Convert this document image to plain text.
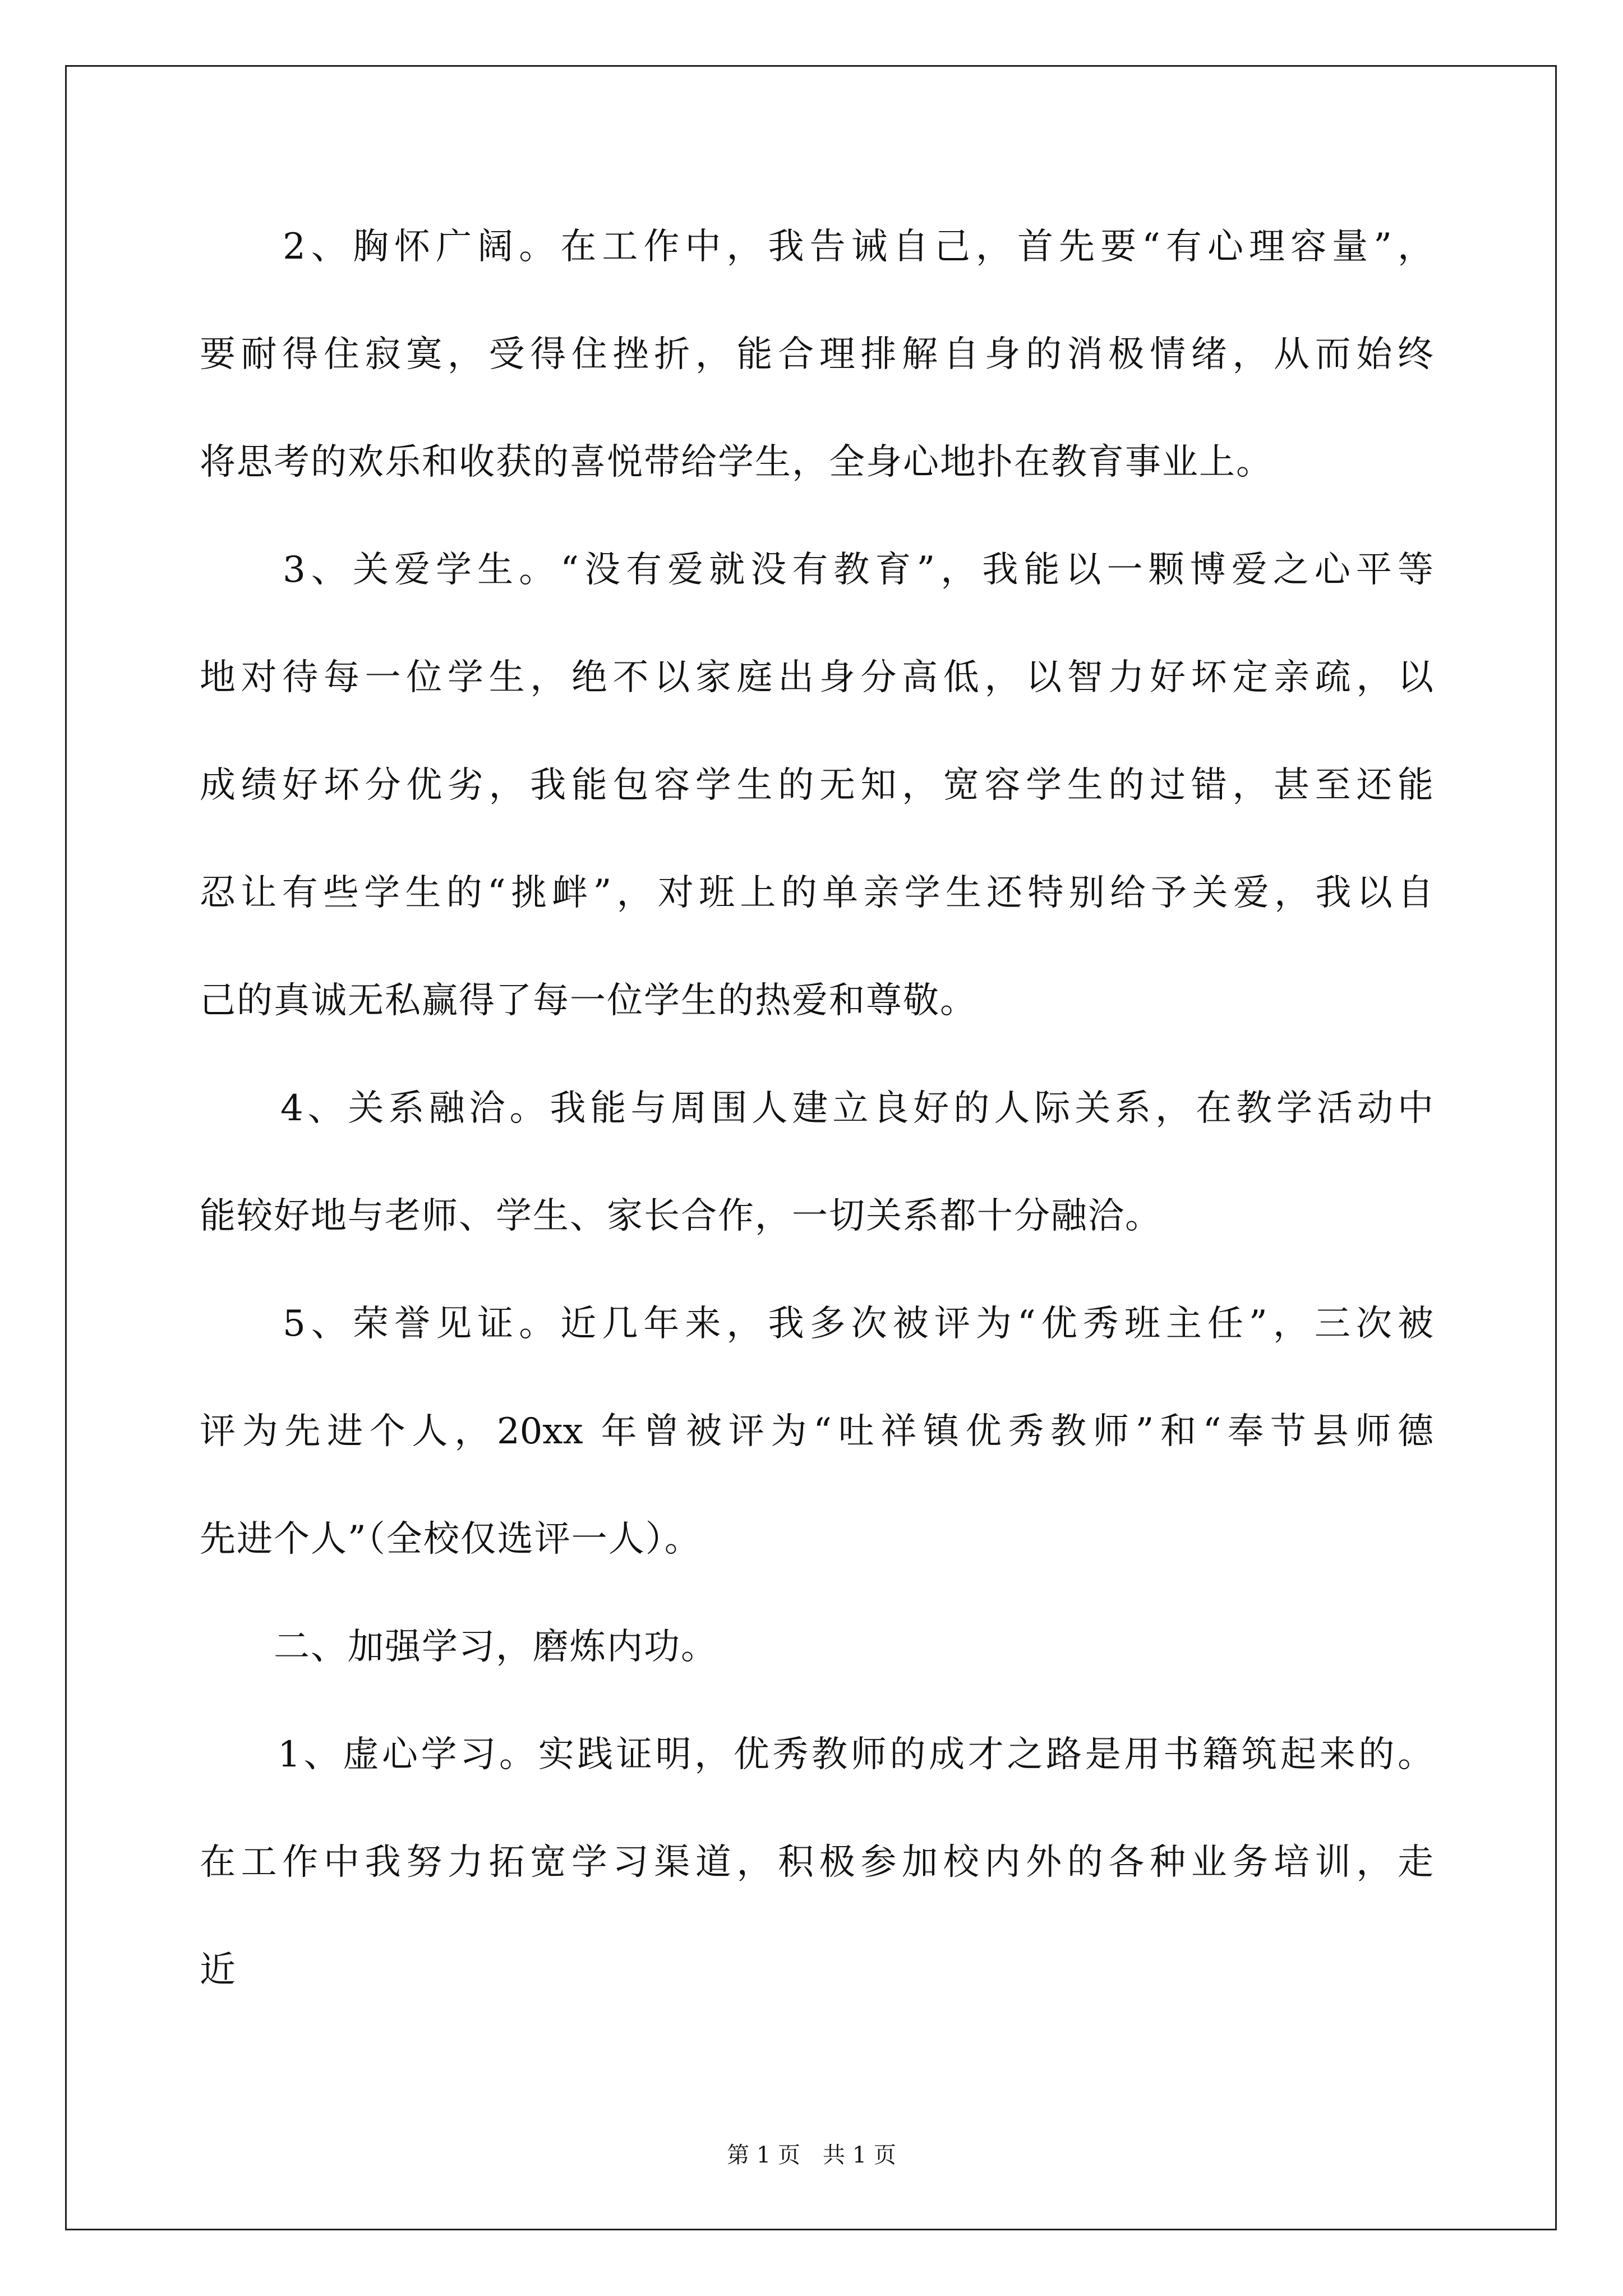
　　2、胸怀广阔。在工作中，我告诫自己，首先要“有心理容量”，
要耐得住寂寞，受得住挫折，能合理排解自身的消极情绪，从而始终
将思考的欢乐和收获的喜悦带给学生，全身心地扑在教育事业上。
　　3、关爱学生。“没有爱就没有教育”，我能以一颗博爱之心平等
地对待每一位学生，绝不以家庭出身分高低，以智力好坏定亲疏，以
成绩好坏分优劣，我能包容学生的无知，宽容学生的过错，甚至还能
忍让有些学生的“挑衅”，对班上的单亲学生还特别给予关爱，我以自
己的真诚无私赢得了每一位学生的热爱和尊敬。
　　4、关系融洽。我能与周围人建立良好的人际关系，在教学活动中
能较好地与老师、学生、家长合作，一切关系都十分融洽。
　　5、荣誉见证。近几年来，我多次被评为“优秀班主任”，三次被
评为先进个人，20xx 年曾被评为“吐祥镇优秀教师”和“奉节县师德
先进个人”（全校仅选评一人）。
　　二、加强学习，磨炼内功。
　　1、虚心学习。实践证明，优秀教师的成才之路是用书籍筑起来的。
在工作中我努力拓宽学习渠道，积极参加校内外的各种业务培训，走
近
第 1 页　共 1 页
